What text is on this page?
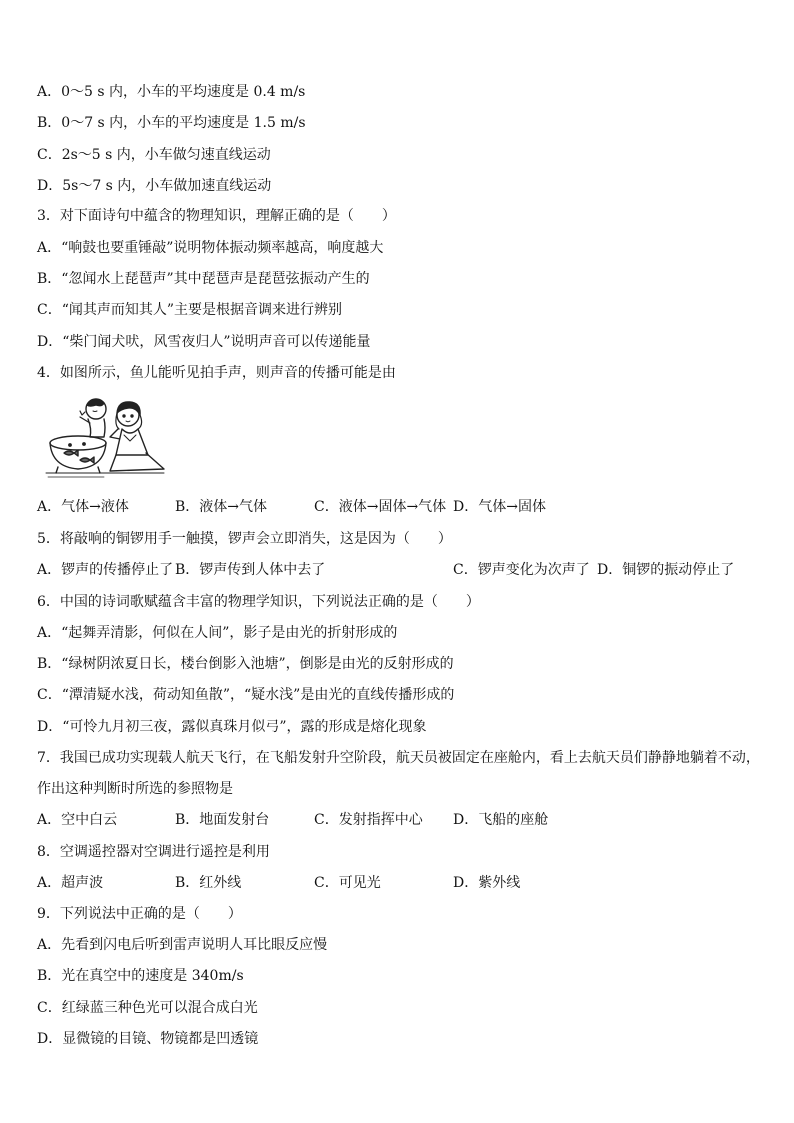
A．0～5 s 内，小车的平均速度是 0.4 m/s
B．0～7 s 内，小车的平均速度是 1.5 m/s
C．2s～5 s 内，小车做匀速直线运动
D．5s～7 s 内，小车做加速直线运动
3．对下面诗句中蕴含的物理知识，理解正确的是（　　）
A．“响鼓也要重锤敲”说明物体振动频率越高，响度越大
B．“忽闻水上琵琶声”其中琵琶声是琵琶弦振动产生的
C．“闻其声而知其人”主要是根据音调来进行辨别
D．“柴门闻犬吠，风雪夜归人”说明声音可以传递能量
4．如图所示，鱼儿能听见拍手声，则声音的传播可能是由
A．气体→液体	B．液体→气体	C．液体→固体→气体 D．气体→固体
5．将敲响的铜锣用手一触摸，锣声会立即消失，这是因为（　　）
A．锣声的传播停止了 B．锣声传到人体中去了	C．锣声变化为次声了 D．铜锣的振动停止了
6．中国的诗词歌赋蕴含丰富的物理学知识，下列说法正确的是（　　）
A．“起舞弄清影，何似在人间”，影子是由光的折射形成的
B．“绿树阴浓夏日长，楼台倒影入池塘”，倒影是由光的反射形成的
C．“潭清疑水浅，荷动知鱼散”，“疑水浅”是由光的直线传播形成的
D．“可怜九月初三夜，露似真珠月似弓”，露的形成是熔化现象
7．我国已成功实现载人航天飞行，在飞船发射升空阶段，航天员被固定在座舱内，看上去航天员们静静地躺着不动，
作出这种判断时所选的参照物是
A．空中白云	B．地面发射台	C．发射指挥中心 D．飞船的座舱
8．空调遥控器对空调进行遥控是利用
A．超声波	B．红外线	C．可见光	D．紫外线
9．下列说法中正确的是（　　）
A．先看到闪电后听到雷声说明人耳比眼反应慢
B．光在真空中的速度是 340m/s
C．红绿蓝三种色光可以混合成白光
D．显微镜的目镜、物镜都是凹透镜
